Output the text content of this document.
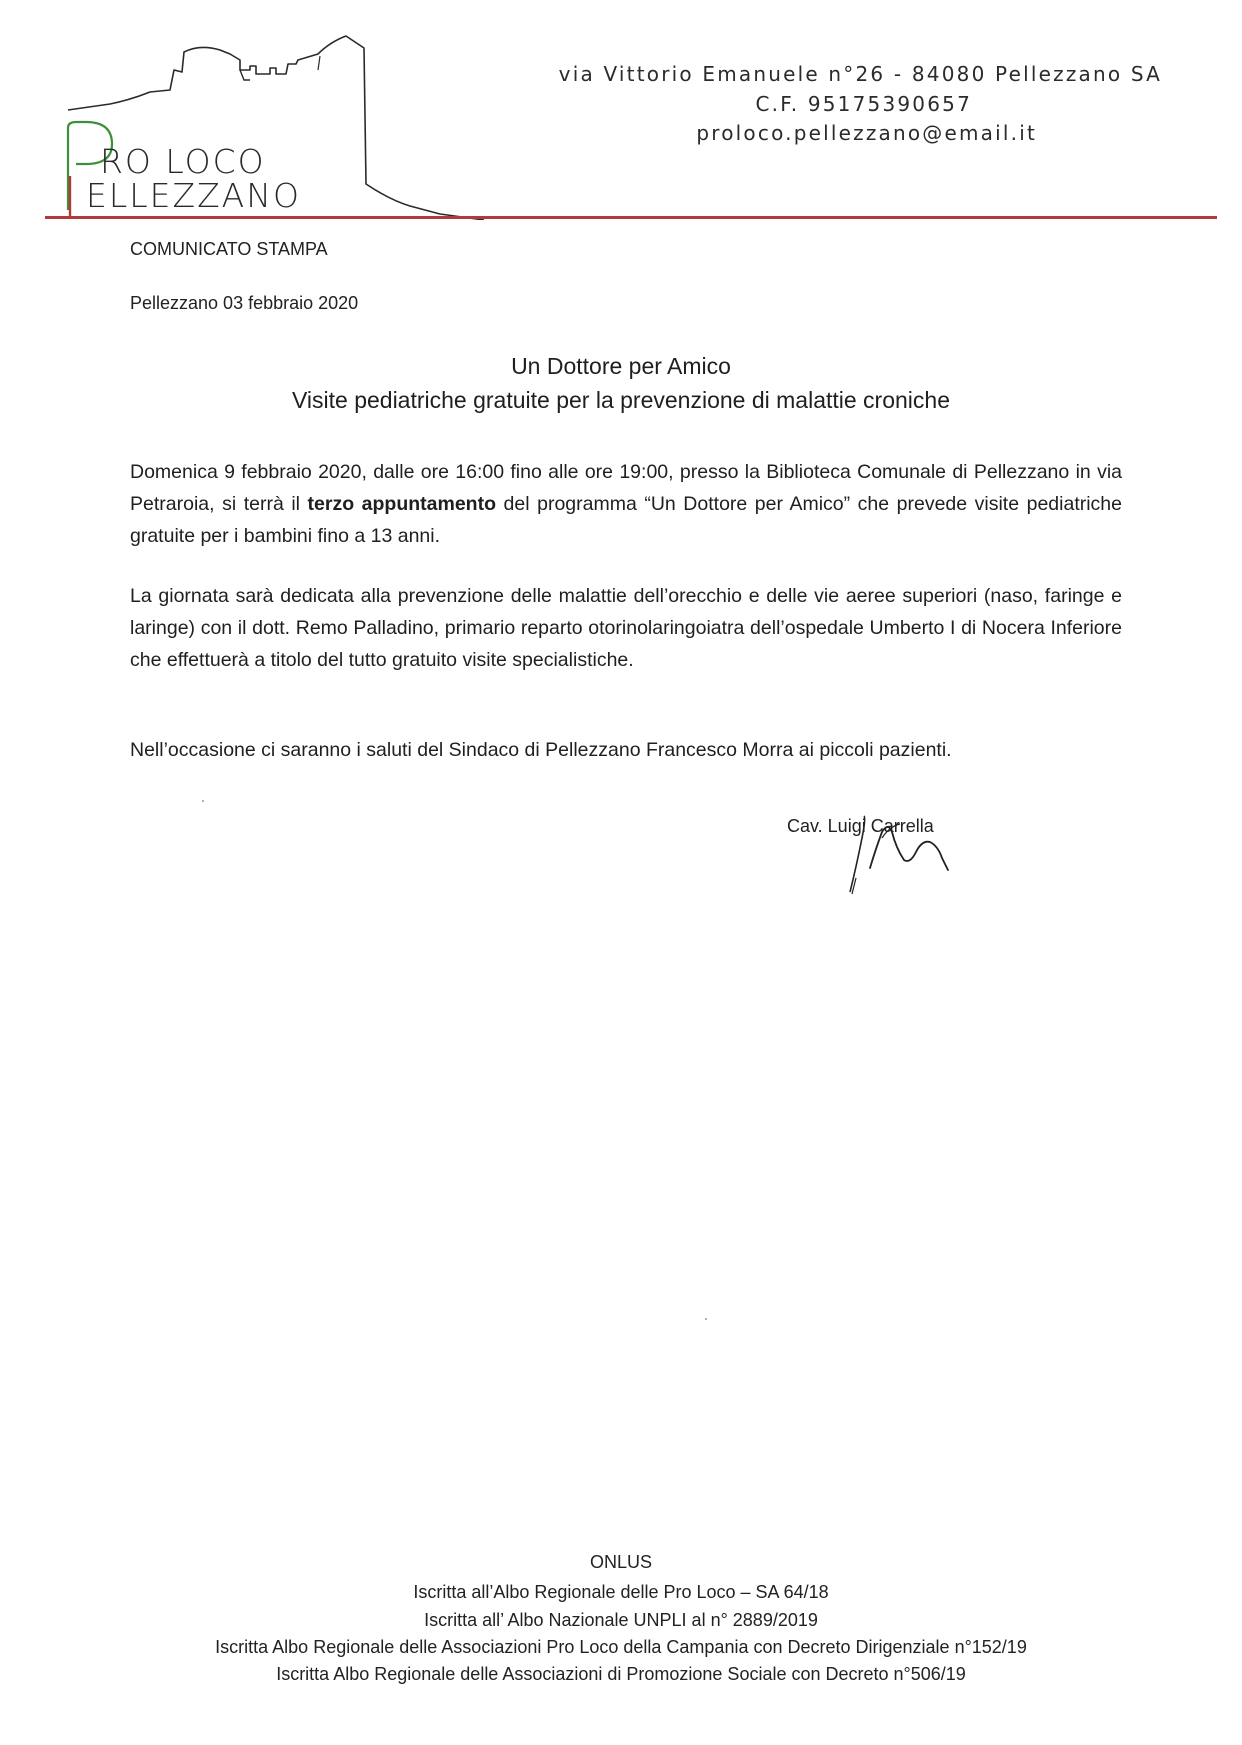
RO LOCO
ELLEZZANO
via Vittorio Emanuele n°26 - 84080 Pellezzano SA
C.F. 95175390657
proloco.pellezzano@email.it
COMUNICATO STAMPA
Pellezzano 03 febbraio 2020
Un Dottore per Amico
Visite pediatriche gratuite per la prevenzione di malattie croniche
Domenica 9 febbraio 2020, dalle ore 16:00 fino alle ore 19:00, presso la Biblioteca Comunale di Pellezzano in via Petraroia, si terrà il terzo appuntamento del programma “Un Dottore per Amico” che prevede visite pediatriche gratuite per i bambini fino a 13 anni.
La giornata sarà dedicata alla prevenzione delle malattie dell’orecchio e delle vie aeree superiori (naso, faringe e laringe) con il dott. Remo Palladino, primario reparto otorinolaringoiatra dell’ospedale Umberto I di Nocera Inferiore che effettuerà a titolo del tutto gratuito visite specialistiche.
Nell’occasione ci saranno i saluti del Sindaco di Pellezzano Francesco Morra ai piccoli pazienti.
Cav. Luigi Carrella
ONLUS
Iscritta all’Albo Regionale delle Pro Loco – SA 64/18
Iscritta all’ Albo Nazionale UNPLI al n° 2889/2019
Iscritta Albo Regionale delle Associazioni Pro Loco della Campania con Decreto Dirigenziale n°152/19
Iscritta Albo Regionale delle Associazioni di Promozione Sociale con Decreto n°506/19
